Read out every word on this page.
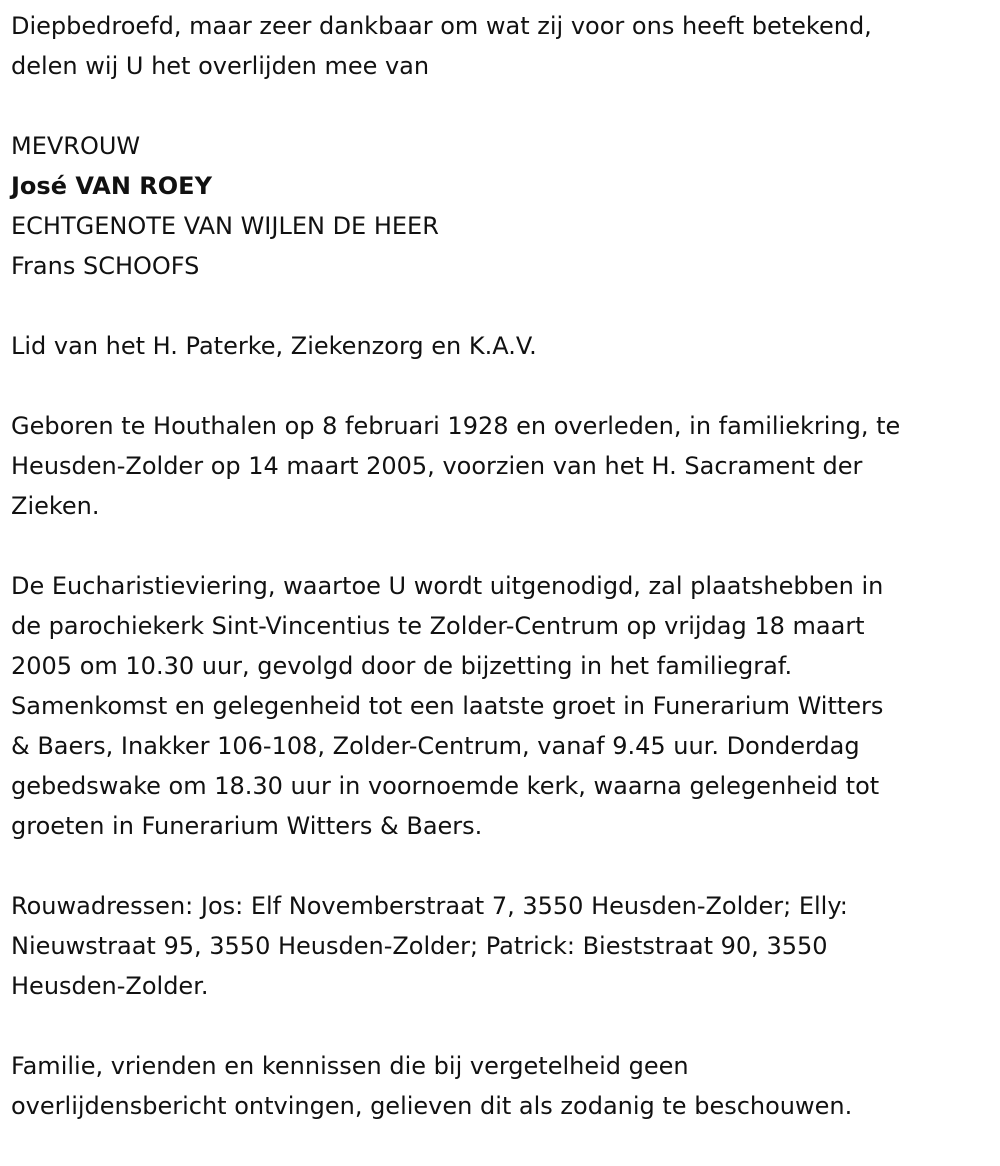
Diepbedroefd, maar zeer dankbaar om wat zij voor ons heeft betekend,
delen wij U het overlijden mee van
MEVROUW
José VAN ROEY
ECHTGENOTE VAN WIJLEN DE HEER
Frans SCHOOFS
Lid van het H. Paterke, Ziekenzorg en K.A.V.
Geboren te Houthalen op 8 februari 1928 en overleden, in familiekring, te
Heusden-Zolder op 14 maart 2005, voorzien van het H. Sacrament der
Zieken.
De Eucharistieviering, waartoe U wordt uitgenodigd, zal plaatshebben in
de parochiekerk Sint-Vincentius te Zolder-Centrum op vrijdag 18 maart
2005 om 10.30 uur, gevolgd door de bijzetting in het familiegraf.
Samenkomst en gelegenheid tot een laatste groet in Funerarium Witters
& Baers, Inakker 106-108, Zolder-Centrum, vanaf 9.45 uur. Donderdag
gebedswake om 18.30 uur in voornoemde kerk, waarna gelegenheid tot
groeten in Funerarium Witters & Baers.
Rouwadressen: Jos: Elf Novemberstraat 7, 3550 Heusden-Zolder; Elly:
Nieuwstraat 95, 3550 Heusden-Zolder; Patrick: Bieststraat 90, 3550
Heusden-Zolder.
Familie, vrienden en kennissen die bij vergetelheid geen
overlijdensbericht ontvingen, gelieven dit als zodanig te beschouwen.
